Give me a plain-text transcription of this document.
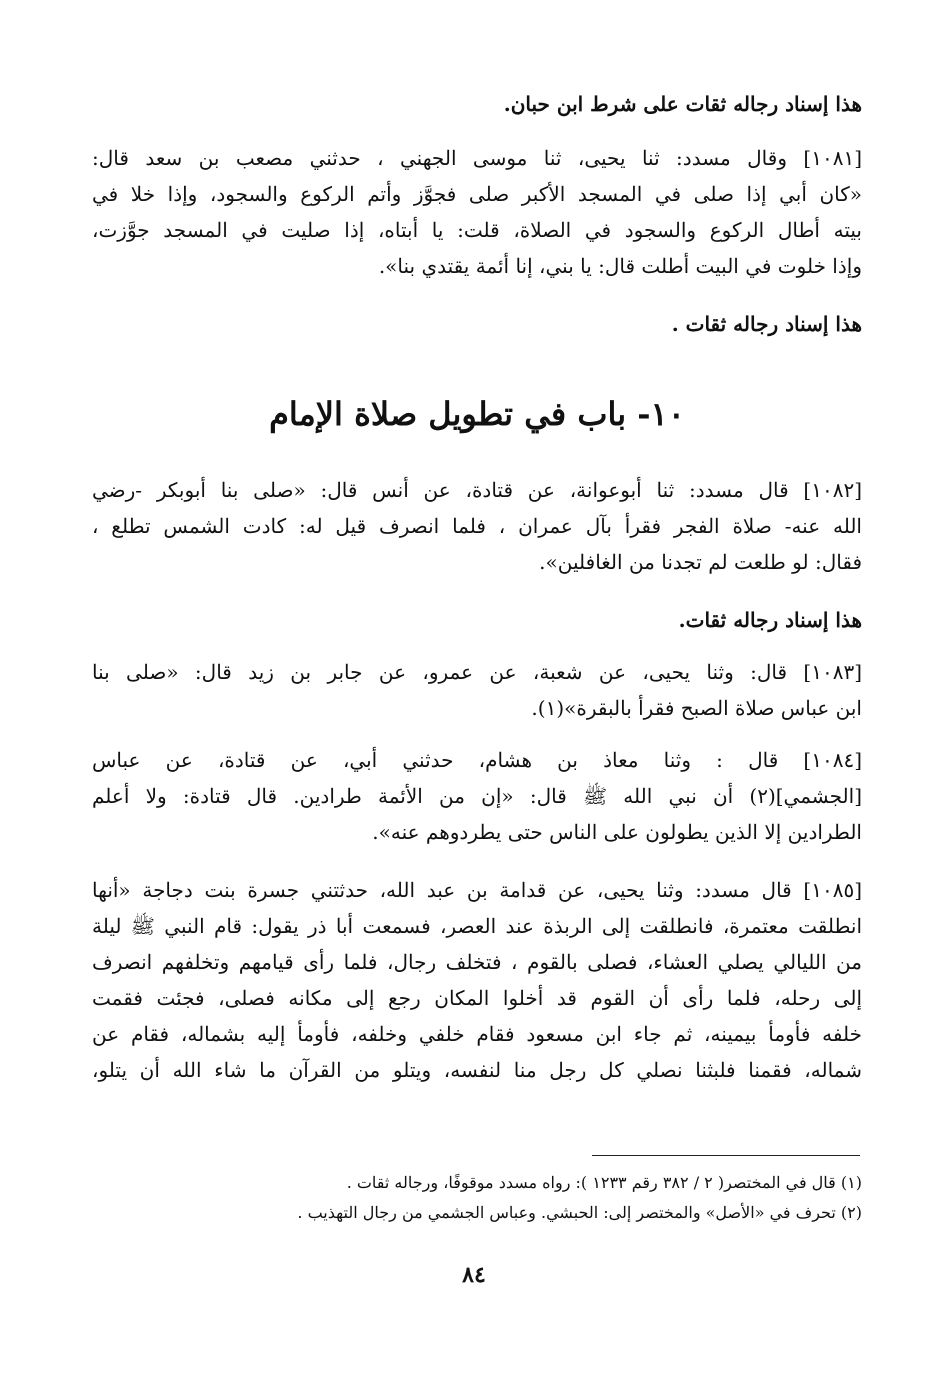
هذا إسناد رجاله ثقات على شرط ابن حبان.
[١٠٨١] وقال مسدد: ثنا يحيى، ثنا موسى الجهني ، حدثني مصعب بن سعد قال:
«كان أبي إذا صلى في المسجد الأكبر صلى فجوَّز وأتم الركوع والسجود، وإذا خلا في
بيته أطال الركوع والسجود في الصلاة، قلت: يا أبتاه، إذا صليت في المسجد جوَّزت،
وإذا خلوت في البيت أطلت قال: يا بني، إنا أئمة يقتدي بنا».
هذا إسناد رجاله ثقات .
١٠- باب في تطويل صلاة الإمام
[١٠٨٢] قال مسدد: ثنا أبوعوانة، عن قتادة، عن أنس قال: «صلى بنا أبوبكر -رضي
الله عنه- صلاة الفجر فقرأ بآل عمران ، فلما انصرف قيل له: كادت الشمس تطلع ،
فقال: لو طلعت لم تجدنا من الغافلين».
هذا إسناد رجاله ثقات.
[١٠٨٣] قال: وثنا يحيى، عن شعبة، عن عمرو، عن جابر بن زيد قال: «صلى بنا
ابن عباس صلاة الصبح فقرأ بالبقرة»(١).
[١٠٨٤] قال : وثنا معاذ بن هشام، حدثني أبي، عن قتادة، عن عباس
[الجشمي](٢) أن نبي الله ﷺ قال: «إن من الأئمة طرادين. قال قتادة: ولا أعلم
الطرادين إلا الذين يطولون على الناس حتى يطردوهم عنه».
[١٠٨٥] قال مسدد: وثنا يحيى، عن قدامة بن عبد الله، حدثتني جسرة بنت دجاجة «أنها
انطلقت معتمرة، فانطلقت إلى الربذة عند العصر، فسمعت أبا ذر يقول: قام النبي ﷺ ليلة
من الليالي يصلي العشاء، فصلى بالقوم ، فتخلف رجال، فلما رأى قيامهم وتخلفهم انصرف
إلى رحله، فلما رأى أن القوم قد أخلوا المكان رجع إلى مكانه فصلى، فجئت فقمت
خلفه فأومأ بيمينه، ثم جاء ابن مسعود فقام خلفي وخلفه، فأومأ إليه بشماله، فقام عن
شماله، فقمنا فلبثنا نصلي كل رجل منا لنفسه، ويتلو من القرآن ما شاء الله أن يتلو،
(١) قال في المختصر( ٢ / ٣٨٢ رقم ١٢٣٣ ): رواه مسدد موقوفًا، ورجاله ثقات .
(٢) تحرف في «الأصل» والمختصر إلى: الحبشي. وعباس الجشمي من رجال التهذيب .
٨٤
